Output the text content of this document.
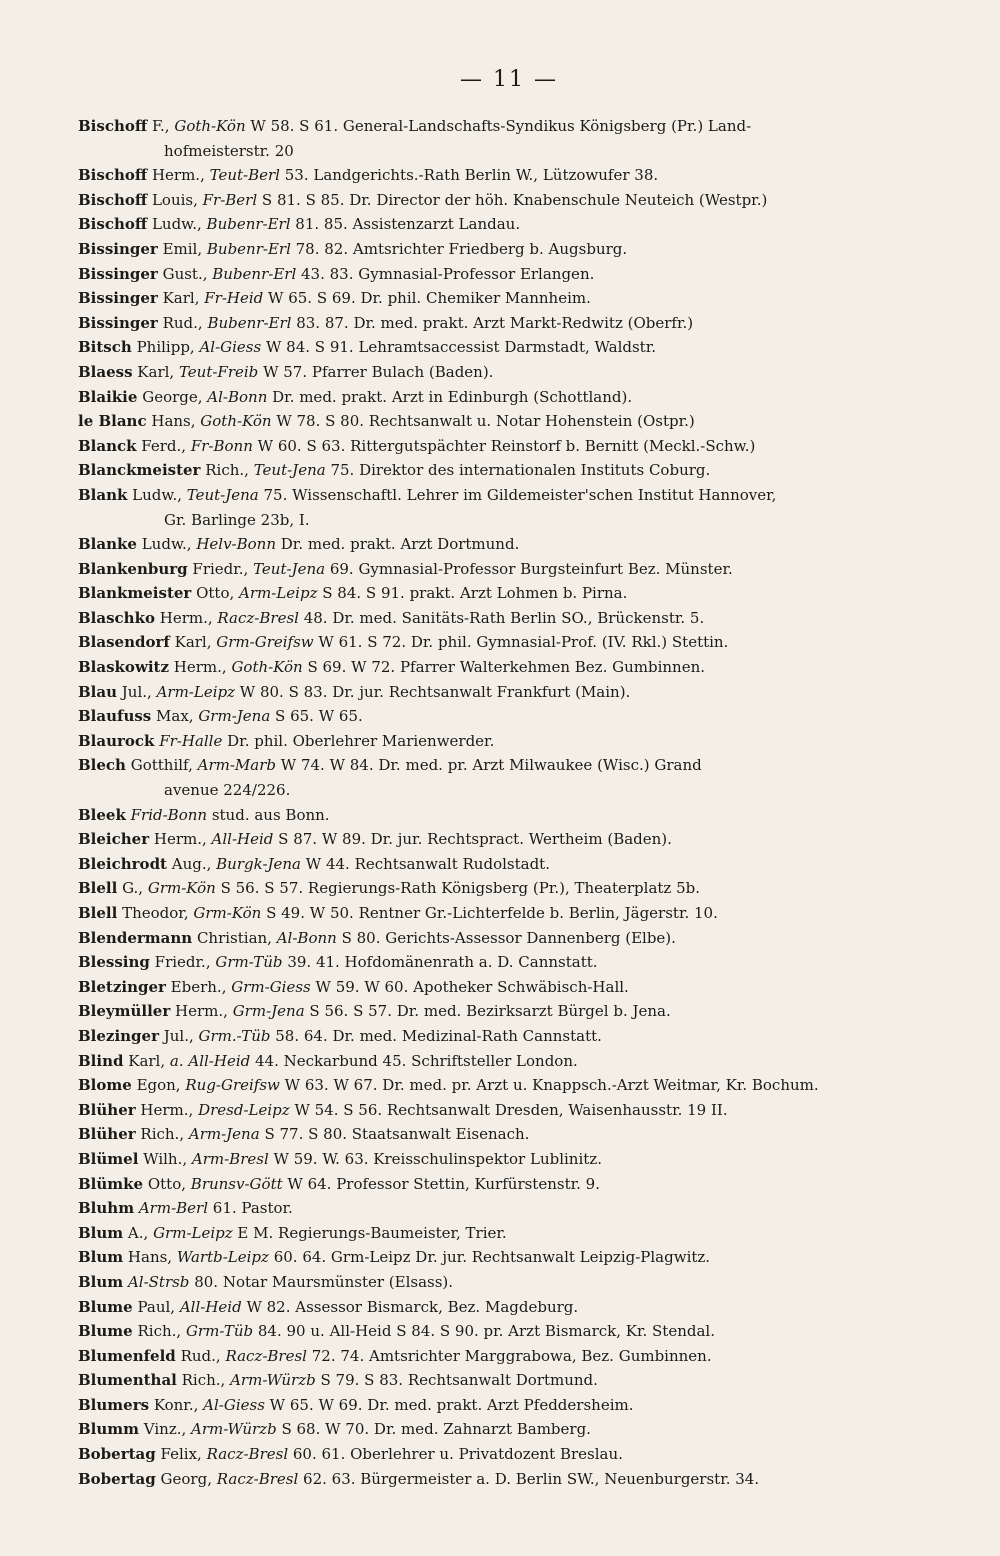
— 11 —
Bischoff F., Goth-Kön W 58. S 61. General-Landschafts-Syndikus Königsberg (Pr.) Land-
hofmeisterstr. 20
Bischoff Herm., Teut-Berl 53. Landgerichts.-Rath Berlin W., Lützowufer 38.
Bischoff Louis, Fr-Berl S 81. S 85. Dr. Director der höh. Knabenschule Neuteich (Westpr.)
Bischoff Ludw., Bubenr-Erl 81. 85. Assistenzarzt Landau.
Bissinger Emil, Bubenr-Erl 78. 82. Amtsrichter Friedberg b. Augsburg.
Bissinger Gust., Bubenr-Erl 43. 83. Gymnasial-Professor Erlangen.
Bissinger Karl, Fr-Heid W 65. S 69. Dr. phil. Chemiker Mannheim.
Bissinger Rud., Bubenr-Erl 83. 87. Dr. med. prakt. Arzt Markt-Redwitz (Oberfr.)
Bitsch Philipp, Al-Giess W 84. S 91. Lehramtsaccessist Darmstadt, Waldstr.
Blaess Karl, Teut-Freib W 57. Pfarrer Bulach (Baden).
Blaikie George, Al-Bonn Dr. med. prakt. Arzt in Edinburgh (Schottland).
le Blanc Hans, Goth-Kön W 78. S 80. Rechtsanwalt u. Notar Hohenstein (Ostpr.)
Blanck Ferd., Fr-Bonn W 60. S 63. Rittergutspächter Reinstorf b. Bernitt (Meckl.-Schw.)
Blanckmeister Rich., Teut-Jena 75. Direktor des internationalen Instituts Coburg.
Blank Ludw., Teut-Jena 75. Wissenschaftl. Lehrer im Gildemeister'schen Institut Hannover,
Gr. Barlinge 23b, I.
Blanke Ludw., Helv-Bonn Dr. med. prakt. Arzt Dortmund.
Blankenburg Friedr., Teut-Jena 69. Gymnasial-Professor Burgsteinfurt Bez. Münster.
Blankmeister Otto, Arm-Leipz S 84. S 91. prakt. Arzt Lohmen b. Pirna.
Blaschko Herm., Racz-Bresl 48. Dr. med. Sanitäts-Rath Berlin SO., Brückenstr. 5.
Blasendorf Karl, Grm-Greifsw W 61. S 72. Dr. phil. Gymnasial-Prof. (IV. Rkl.) Stettin.
Blaskowitz Herm., Goth-Kön S 69. W 72. Pfarrer Walterkehmen Bez. Gumbinnen.
Blau Jul., Arm-Leipz W 80. S 83. Dr. jur. Rechtsanwalt Frankfurt (Main).
Blaufuss Max, Grm-Jena S 65. W 65.
Blaurock Fr-Halle Dr. phil. Oberlehrer Marienwerder.
Blech Gotthilf, Arm-Marb W 74. W 84. Dr. med. pr. Arzt Milwaukee (Wisc.) Grand
avenue 224/226.
Bleek Frid-Bonn stud. aus Bonn.
Bleicher Herm., All-Heid S 87. W 89. Dr. jur. Rechtspract. Wertheim (Baden).
Bleichrodt Aug., Burgk-Jena W 44. Rechtsanwalt Rudolstadt.
Blell G., Grm-Kön S 56. S 57. Regierungs-Rath Königsberg (Pr.), Theaterplatz 5b.
Blell Theodor, Grm-Kön S 49. W 50. Rentner Gr.-Lichterfelde b. Berlin, Jägerstr. 10.
Blendermann Christian, Al-Bonn S 80. Gerichts-Assessor Dannenberg (Elbe).
Blessing Friedr., Grm-Tüb 39. 41. Hofdomänenrath a. D. Cannstatt.
Bletzinger Eberh., Grm-Giess W 59. W 60. Apotheker Schwäbisch-Hall.
Bleymüller Herm., Grm-Jena S 56. S 57. Dr. med. Bezirksarzt Bürgel b. Jena.
Blezinger Jul., Grm.-Tüb 58. 64. Dr. med. Medizinal-Rath Cannstatt.
Blind Karl, a. All-Heid 44. Neckarbund 45. Schriftsteller London.
Blome Egon, Rug-Greifsw W 63. W 67. Dr. med. pr. Arzt u. Knappsch.-Arzt Weitmar, Kr. Bochum.
Blüher Herm., Dresd-Leipz W 54. S 56. Rechtsanwalt Dresden, Waisenhausstr. 19 II.
Blüher Rich., Arm-Jena S 77. S 80. Staatsanwalt Eisenach.
Blümel Wilh., Arm-Bresl W 59. W. 63. Kreisschulinspektor Lublinitz.
Blümke Otto, Brunsv-Gött W 64. Professor Stettin, Kurfürstenstr. 9.
Bluhm Arm-Berl 61. Pastor.
Blum A., Grm-Leipz E M. Regierungs-Baumeister, Trier.
Blum Hans, Wartb-Leipz 60. 64. Grm-Leipz Dr. jur. Rechtsanwalt Leipzig-Plagwitz.
Blum Al-Strsb 80. Notar Maursmünster (Elsass).
Blume Paul, All-Heid W 82. Assessor Bismarck, Bez. Magdeburg.
Blume Rich., Grm-Tüb 84. 90 u. All-Heid S 84. S 90. pr. Arzt Bismarck, Kr. Stendal.
Blumenfeld Rud., Racz-Bresl 72. 74. Amtsrichter Marggrabowa, Bez. Gumbinnen.
Blumenthal Rich., Arm-Würzb S 79. S 83. Rechtsanwalt Dortmund.
Blumers Konr., Al-Giess W 65. W 69. Dr. med. prakt. Arzt Pfeddersheim.
Blumm Vinz., Arm-Würzb S 68. W 70. Dr. med. Zahnarzt Bamberg.
Bobertag Felix, Racz-Bresl 60. 61. Oberlehrer u. Privatdozent Breslau.
Bobertag Georg, Racz-Bresl 62. 63. Bürgermeister a. D. Berlin SW., Neuenburgerstr. 34.
